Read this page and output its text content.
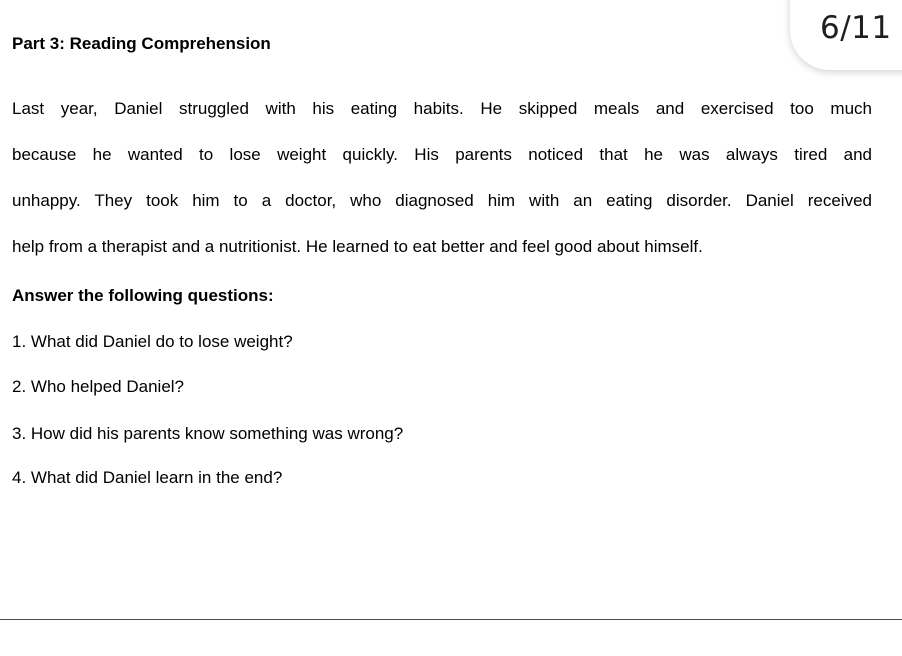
6/11
Part 3: Reading Comprehension
Last year, Daniel struggled with his eating habits. He skipped meals and exercised too much
because he wanted to lose weight quickly. His parents noticed that he was always tired and
unhappy. They took him to a doctor, who diagnosed him with an eating disorder. Daniel received
help from a therapist and a nutritionist. He learned to eat better and feel good about himself.
Answer the following questions:
1. What did Daniel do to lose weight?
2. Who helped Daniel?
3. How did his parents know something was wrong?
4. What did Daniel learn in the end?
